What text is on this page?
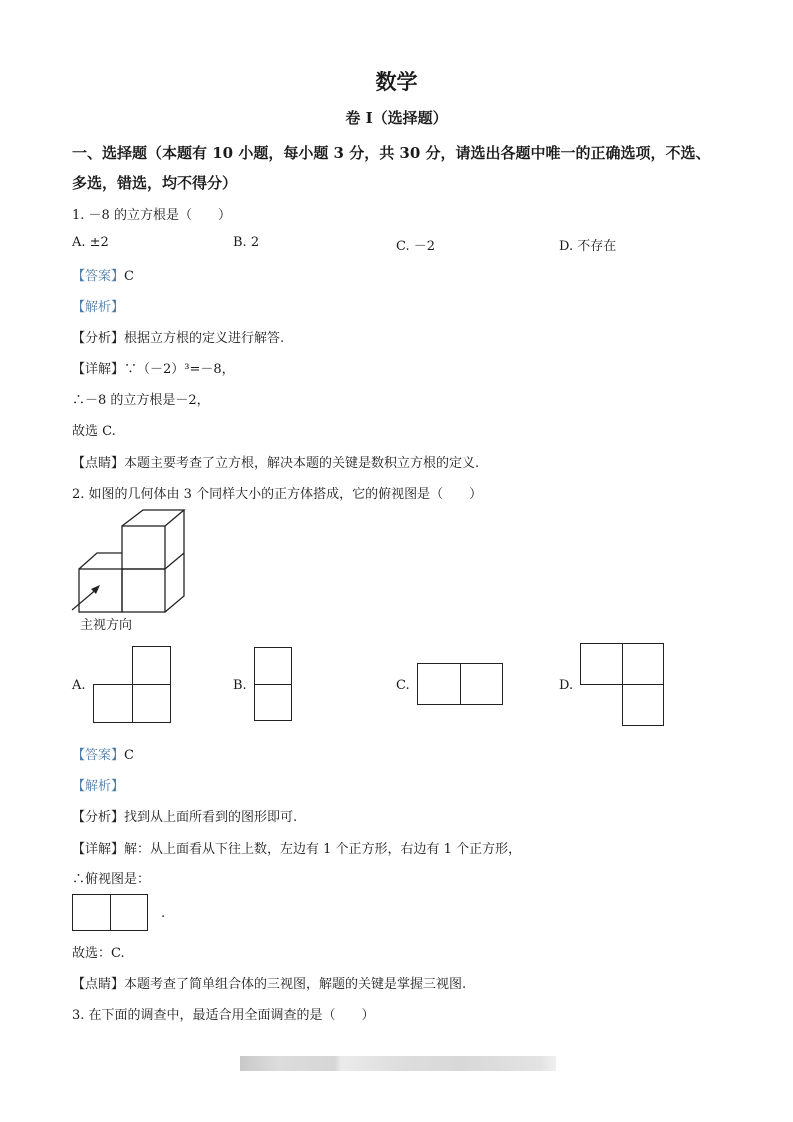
数学
卷 I（选择题）
一、选择题（本题有 10 小题，每小题 3 分，共 30 分，请选出各题中唯一的正确选项，不选、
多选，错选，均不得分）
1. －8 的立方根是（　　）
A. ±2	B. 2	C. －2	D. 不存在
【答案】C
【解析】
【分析】根据立方根的定义进行解答.
【详解】∵（－2）³=－8，
∴－8 的立方根是－2，
故选 C.
【点睛】本题主要考查了立方根，解决本题的关键是数积立方根的定义.
2. 如图的几何体由 3 个同样大小的正方体搭成，它的俯视图是（　　）
主视方向
A.	B.	C.	D.
【答案】C
【解析】
【分析】找到从上面所看到的图形即可.
【详解】解：从上面看从下往上数，左边有 1 个正方形，右边有 1 个正方形，
∴俯视图是：
.
故选：C.
【点睛】本题考查了简单组合体的三视图，解题的关键是掌握三视图.
3. 在下面的调查中，最适合用全面调查的是（　　）
